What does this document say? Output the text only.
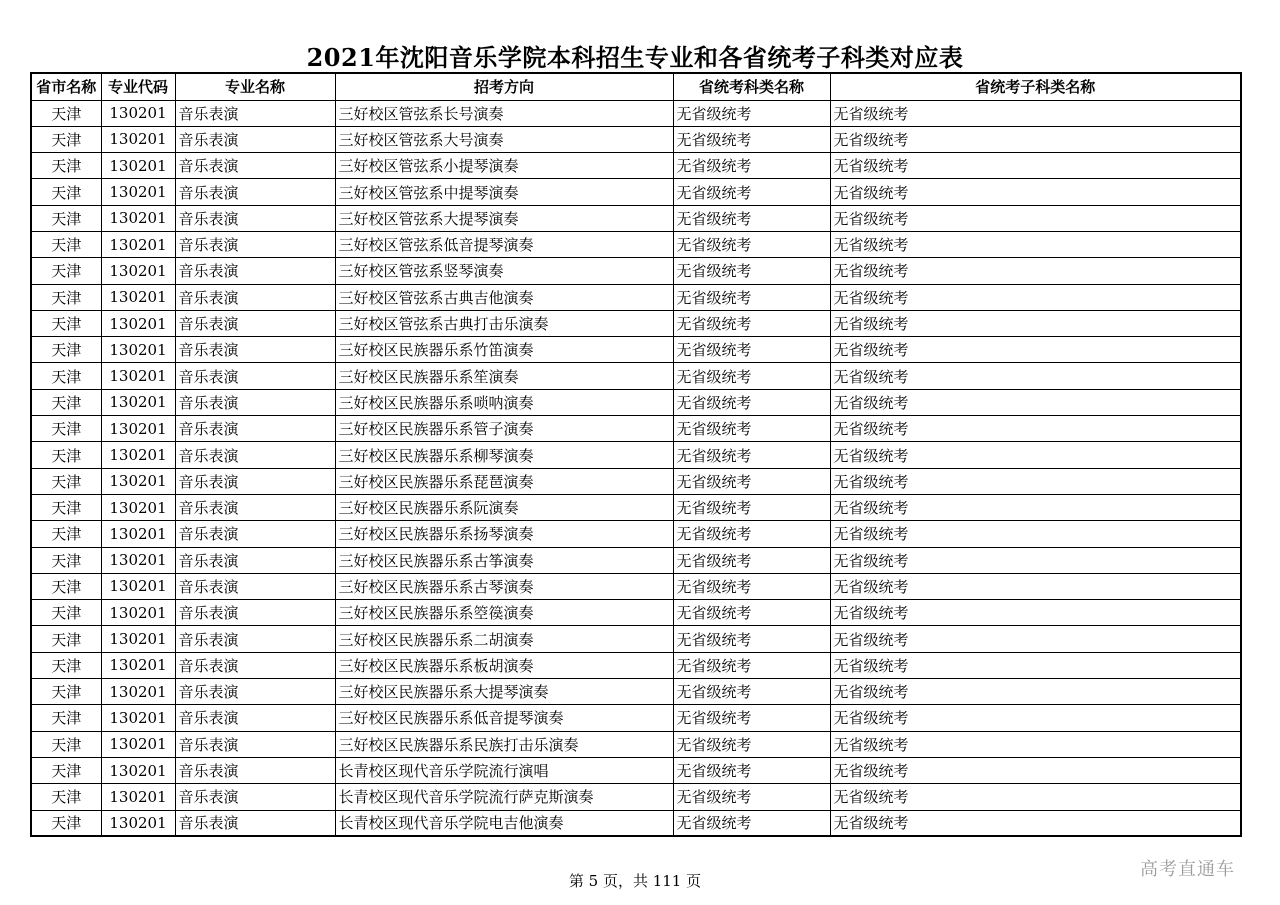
2021年沈阳音乐学院本科招生专业和各省统考子科类对应表
省市名称	专业代码	专业名称	招考方向	省统考科类名称	省统考子科类名称
天津	130201	音乐表演	三好校区管弦系长号演奏	无省级统考	无省级统考
天津	130201	音乐表演	三好校区管弦系大号演奏	无省级统考	无省级统考
天津	130201	音乐表演	三好校区管弦系小提琴演奏	无省级统考	无省级统考
天津	130201	音乐表演	三好校区管弦系中提琴演奏	无省级统考	无省级统考
天津	130201	音乐表演	三好校区管弦系大提琴演奏	无省级统考	无省级统考
天津	130201	音乐表演	三好校区管弦系低音提琴演奏	无省级统考	无省级统考
天津	130201	音乐表演	三好校区管弦系竖琴演奏	无省级统考	无省级统考
天津	130201	音乐表演	三好校区管弦系古典吉他演奏	无省级统考	无省级统考
天津	130201	音乐表演	三好校区管弦系古典打击乐演奏	无省级统考	无省级统考
天津	130201	音乐表演	三好校区民族器乐系竹笛演奏	无省级统考	无省级统考
天津	130201	音乐表演	三好校区民族器乐系笙演奏	无省级统考	无省级统考
天津	130201	音乐表演	三好校区民族器乐系唢呐演奏	无省级统考	无省级统考
天津	130201	音乐表演	三好校区民族器乐系管子演奏	无省级统考	无省级统考
天津	130201	音乐表演	三好校区民族器乐系柳琴演奏	无省级统考	无省级统考
天津	130201	音乐表演	三好校区民族器乐系琵琶演奏	无省级统考	无省级统考
天津	130201	音乐表演	三好校区民族器乐系阮演奏	无省级统考	无省级统考
天津	130201	音乐表演	三好校区民族器乐系扬琴演奏	无省级统考	无省级统考
天津	130201	音乐表演	三好校区民族器乐系古筝演奏	无省级统考	无省级统考
天津	130201	音乐表演	三好校区民族器乐系古琴演奏	无省级统考	无省级统考
天津	130201	音乐表演	三好校区民族器乐系箜篌演奏	无省级统考	无省级统考
天津	130201	音乐表演	三好校区民族器乐系二胡演奏	无省级统考	无省级统考
天津	130201	音乐表演	三好校区民族器乐系板胡演奏	无省级统考	无省级统考
天津	130201	音乐表演	三好校区民族器乐系大提琴演奏	无省级统考	无省级统考
天津	130201	音乐表演	三好校区民族器乐系低音提琴演奏	无省级统考	无省级统考
天津	130201	音乐表演	三好校区民族器乐系民族打击乐演奏	无省级统考	无省级统考
天津	130201	音乐表演	长青校区现代音乐学院流行演唱	无省级统考	无省级统考
天津	130201	音乐表演	长青校区现代音乐学院流行萨克斯演奏	无省级统考	无省级统考
天津	130201	音乐表演	长青校区现代音乐学院电吉他演奏	无省级统考	无省级统考
第 5 页，共 111 页
高考直通车
